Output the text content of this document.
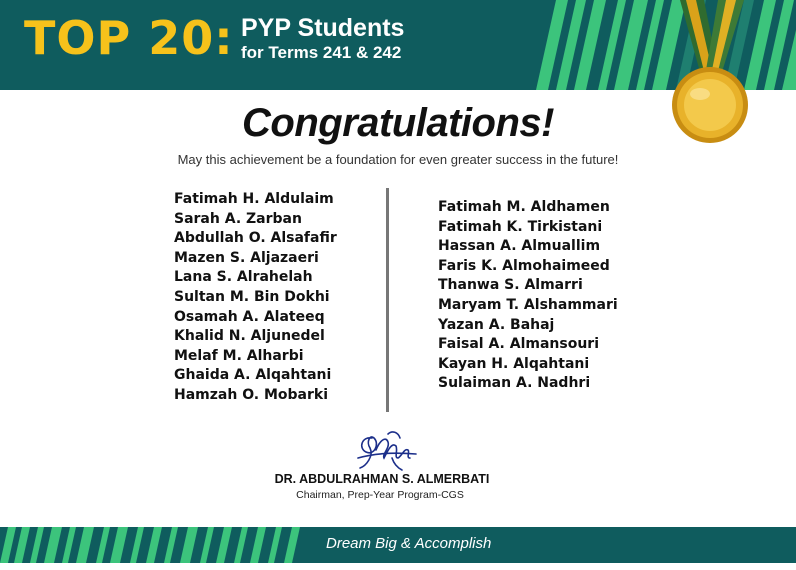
TOP 20: PYP Students
for Terms 241 & 242
Congratulations!
May this achievement be a foundation for even greater success in the future!
Fatimah H. Aldulaim
Sarah A. Zarban
Abdullah O. Alsafafir
Mazen S. Aljazaeri
Lana S. Alrahelah
Sultan M. Bin Dokhi
Osamah A. Alateeq
Khalid N. Aljunedel
Melaf M. Alharbi
Ghaida A. Alqahtani
Hamzah O. Mobarki
Fatimah M. Aldhamen
Fatimah K. Tirkistani
Hassan A. Almuallim
Faris K. Almohaimeed
Thanwa S. Almarri
Maryam T. Alshammari
Yazan A. Bahaj
Faisal A. Almansouri
Kayan H. Alqahtani
Sulaiman A. Nadhri
DR. ABDULRAHMAN S. ALMERBATI
Chairman, Prep-Year Program-CGS
Dream Big & Accomplish
